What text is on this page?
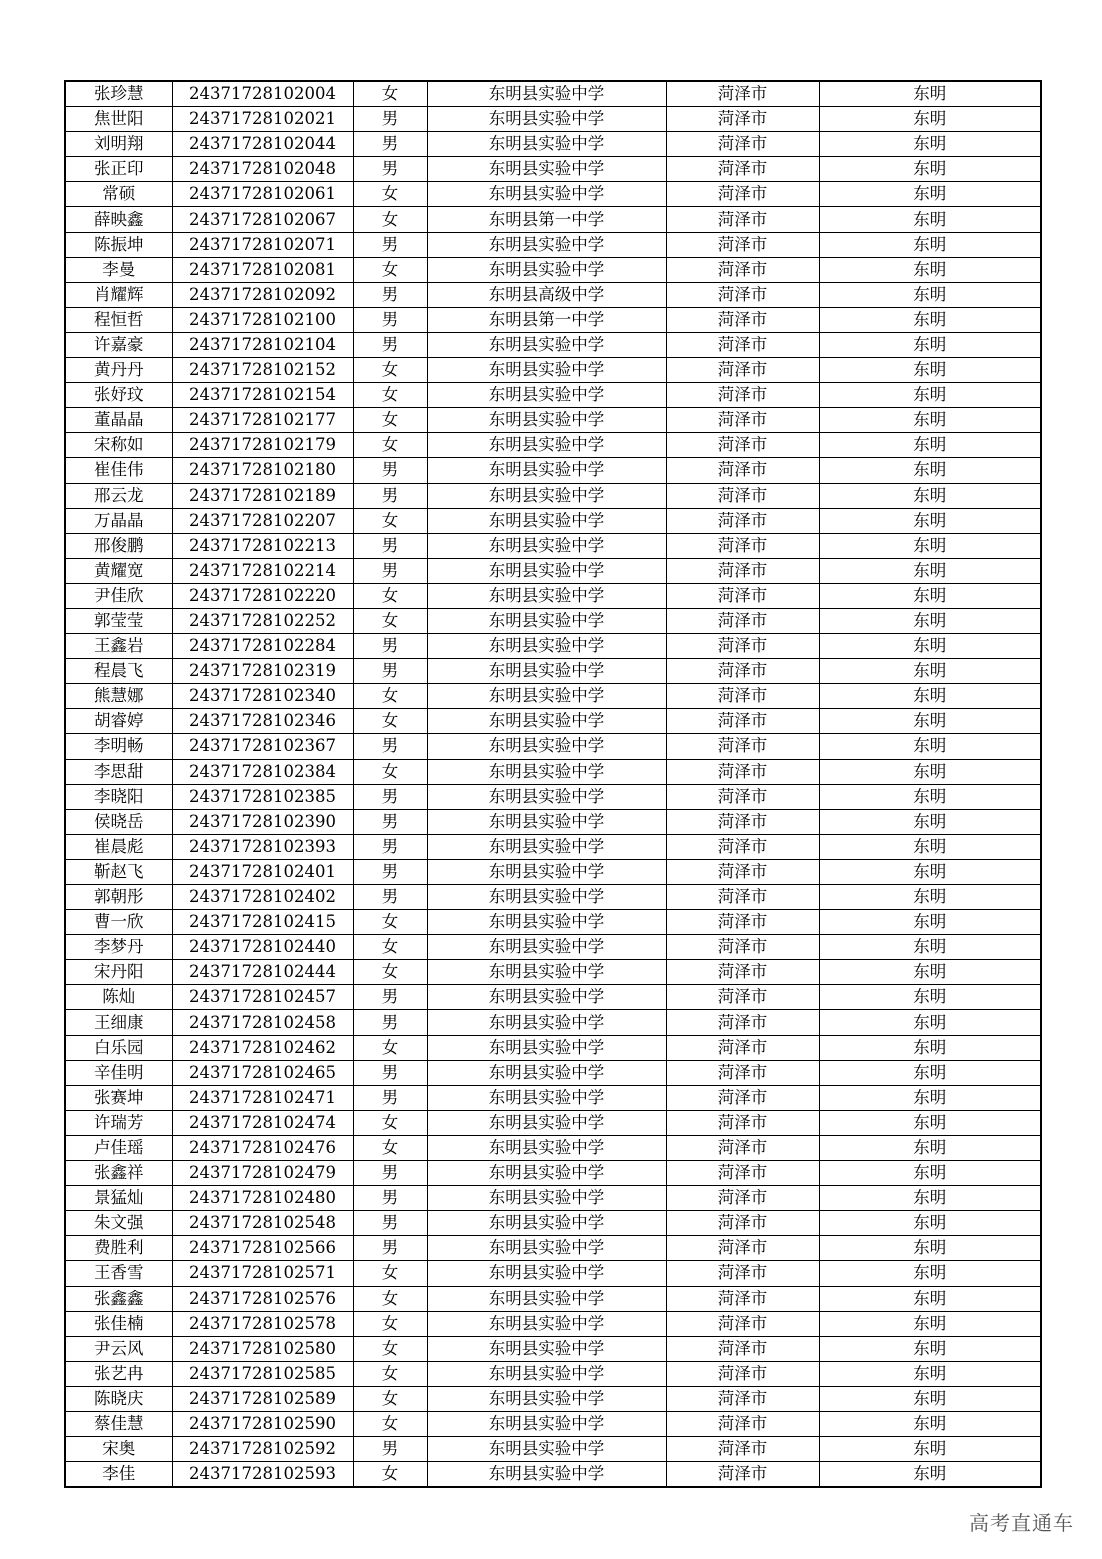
张珍慧	24371728102004	女	东明县实验中学	菏泽市	东明
焦世阳	24371728102021	男	东明县实验中学	菏泽市	东明
刘明翔	24371728102044	男	东明县实验中学	菏泽市	东明
张正印	24371728102048	男	东明县实验中学	菏泽市	东明
常硕	24371728102061	女	东明县实验中学	菏泽市	东明
薛映鑫	24371728102067	女	东明县第一中学	菏泽市	东明
陈振坤	24371728102071	男	东明县实验中学	菏泽市	东明
李曼	24371728102081	女	东明县实验中学	菏泽市	东明
肖耀辉	24371728102092	男	东明县高级中学	菏泽市	东明
程恒哲	24371728102100	男	东明县第一中学	菏泽市	东明
许嘉豪	24371728102104	男	东明县实验中学	菏泽市	东明
黄丹丹	24371728102152	女	东明县实验中学	菏泽市	东明
张妤玟	24371728102154	女	东明县实验中学	菏泽市	东明
董晶晶	24371728102177	女	东明县实验中学	菏泽市	东明
宋称如	24371728102179	女	东明县实验中学	菏泽市	东明
崔佳伟	24371728102180	男	东明县实验中学	菏泽市	东明
邢云龙	24371728102189	男	东明县实验中学	菏泽市	东明
万晶晶	24371728102207	女	东明县实验中学	菏泽市	东明
邢俊鹏	24371728102213	男	东明县实验中学	菏泽市	东明
黄耀宽	24371728102214	男	东明县实验中学	菏泽市	东明
尹佳欣	24371728102220	女	东明县实验中学	菏泽市	东明
郭莹莹	24371728102252	女	东明县实验中学	菏泽市	东明
王鑫岩	24371728102284	男	东明县实验中学	菏泽市	东明
程晨飞	24371728102319	男	东明县实验中学	菏泽市	东明
熊慧娜	24371728102340	女	东明县实验中学	菏泽市	东明
胡睿婷	24371728102346	女	东明县实验中学	菏泽市	东明
李明畅	24371728102367	男	东明县实验中学	菏泽市	东明
李思甜	24371728102384	女	东明县实验中学	菏泽市	东明
李晓阳	24371728102385	男	东明县实验中学	菏泽市	东明
侯晓岳	24371728102390	男	东明县实验中学	菏泽市	东明
崔晨彪	24371728102393	男	东明县实验中学	菏泽市	东明
靳赵飞	24371728102401	男	东明县实验中学	菏泽市	东明
郭朝彤	24371728102402	男	东明县实验中学	菏泽市	东明
曹一欣	24371728102415	女	东明县实验中学	菏泽市	东明
李梦丹	24371728102440	女	东明县实验中学	菏泽市	东明
宋丹阳	24371728102444	女	东明县实验中学	菏泽市	东明
陈灿	24371728102457	男	东明县实验中学	菏泽市	东明
王细康	24371728102458	男	东明县实验中学	菏泽市	东明
白乐园	24371728102462	女	东明县实验中学	菏泽市	东明
辛佳明	24371728102465	男	东明县实验中学	菏泽市	东明
张赛坤	24371728102471	男	东明县实验中学	菏泽市	东明
许瑞芳	24371728102474	女	东明县实验中学	菏泽市	东明
卢佳瑶	24371728102476	女	东明县实验中学	菏泽市	东明
张鑫祥	24371728102479	男	东明县实验中学	菏泽市	东明
景猛灿	24371728102480	男	东明县实验中学	菏泽市	东明
朱文强	24371728102548	男	东明县实验中学	菏泽市	东明
费胜利	24371728102566	男	东明县实验中学	菏泽市	东明
王香雪	24371728102571	女	东明县实验中学	菏泽市	东明
张鑫鑫	24371728102576	女	东明县实验中学	菏泽市	东明
张佳楠	24371728102578	女	东明县实验中学	菏泽市	东明
尹云风	24371728102580	女	东明县实验中学	菏泽市	东明
张艺冉	24371728102585	女	东明县实验中学	菏泽市	东明
陈晓庆	24371728102589	女	东明县实验中学	菏泽市	东明
蔡佳慧	24371728102590	女	东明县实验中学	菏泽市	东明
宋奥	24371728102592	男	东明县实验中学	菏泽市	东明
李佳	24371728102593	女	东明县实验中学	菏泽市	东明
高考直通车
